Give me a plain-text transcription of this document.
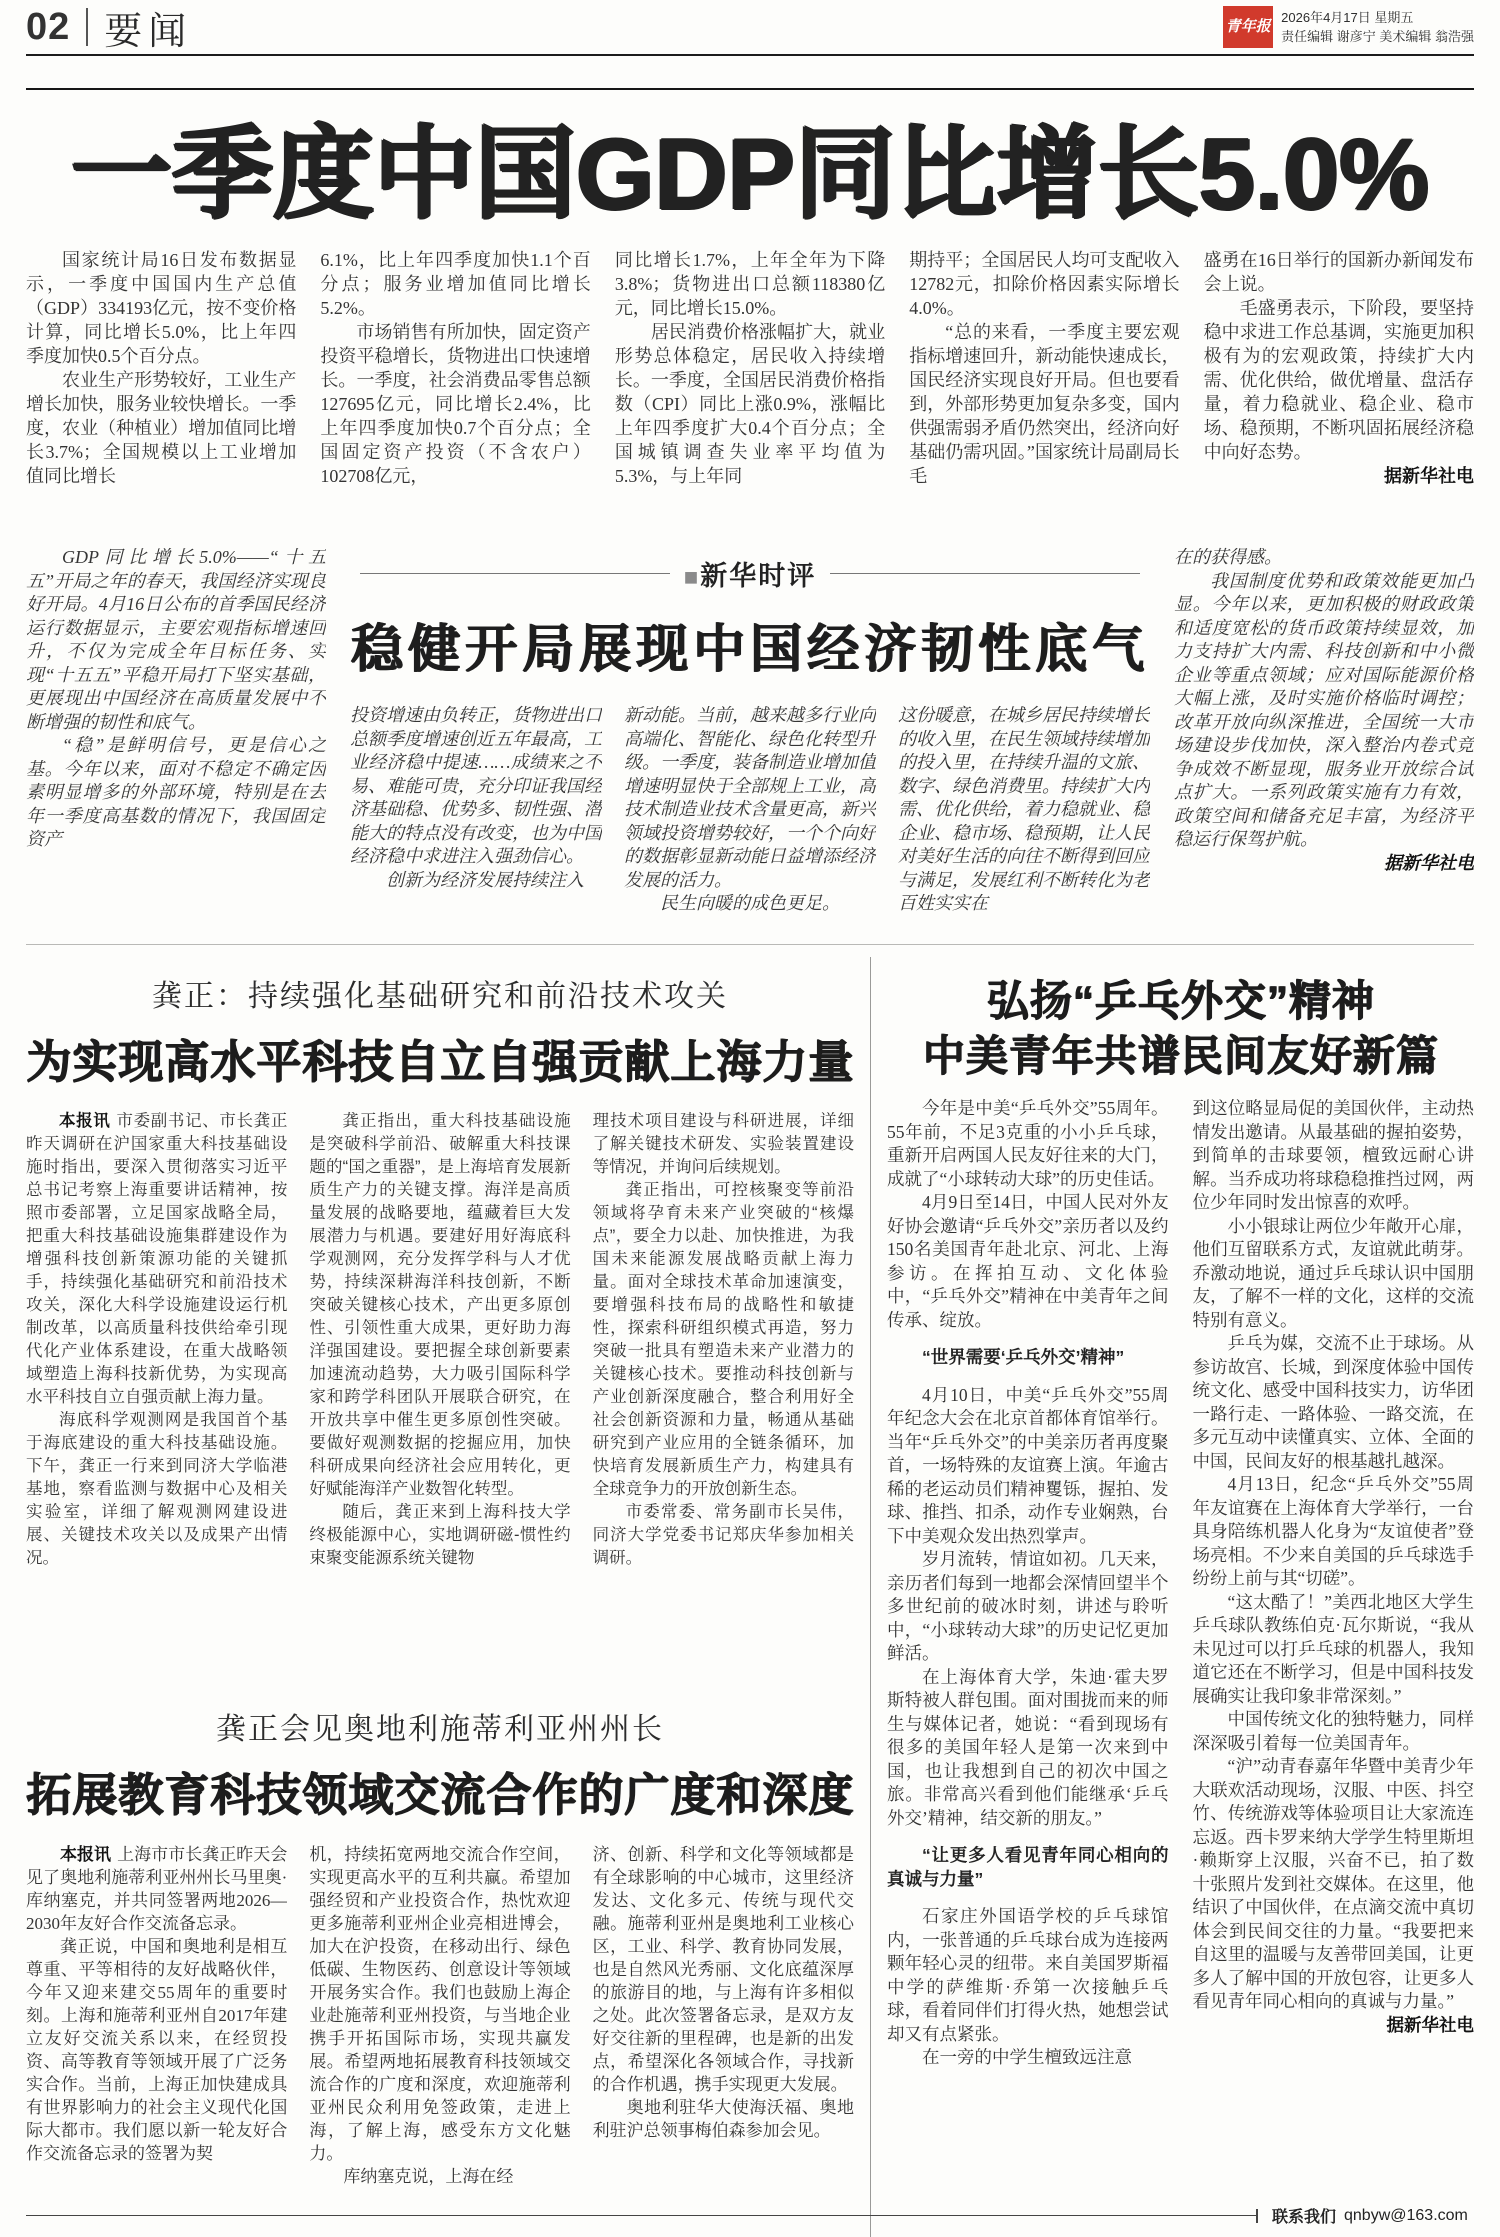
02 要闻	青年报
2026年4月17日 星期五
责任编辑 谢彦宁 美术编辑 翁浩强
一季度中国GDP同比增长5.0%

国家统计局16日发布数据显示，一季度中国国内生产总值（GDP）334193亿元，按不变价格计算，同比增长5.0%，比上年四季度加快0.5个百分点。

农业生产形势较好，工业生产增长加快，服务业较快增长。一季度，农业（种植业）增加值同比增长3.7%；全国规模以上工业增加值同比增长

6.1%，比上年四季度加快1.1个百分点；服务业增加值同比增长5.2%。

市场销售有所加快，固定资产投资平稳增长，货物进出口快速增长。一季度，社会消费品零售总额127695亿元，同比增长2.4%，比上年四季度加快0.7个百分点；全国固定资产投资（不含农户）102708亿元，

同比增长1.7%，上年全年为下降3.8%；货物进出口总额118380亿元，同比增长15.0%。

居民消费价格涨幅扩大，就业形势总体稳定，居民收入持续增长。一季度，全国居民消费价格指数（CPI）同比上涨0.9%，涨幅比上年四季度扩大0.4个百分点；全国城镇调查失业率平均值为5.3%，与上年同

期持平；全国居民人均可支配收入12782元，扣除价格因素实际增长4.0%。

“总的来看，一季度主要宏观指标增速回升，新动能快速成长，国民经济实现良好开局。但也要看到，外部形势更加复杂多变，国内供强需弱矛盾仍然突出，经济向好基础仍需巩固。”国家统计局副局长毛

盛勇在16日举行的国新办新闻发布会上说。

毛盛勇表示，下阶段，要坚持稳中求进工作总基调，实施更加积极有为的宏观政策，持续扩大内需、优化供给，做优增量、盘活存量，着力稳就业、稳企业、稳市场、稳预期，不断巩固拓展经济稳中向好态势。

据新华社电

GDP同比增长5.0%——“十五五”开局之年的春天，我国经济实现良好开局。4月16日公布的首季国民经济运行数据显示，主要宏观指标增速回升，不仅为完成全年目标任务、实现“十五五”平稳开局打下坚实基础，更展现出中国经济在高质量发展中不断增强的韧性和底气。

“稳”是鲜明信号，更是信心之基。今年以来，面对不稳定不确定因素明显增多的外部环境，特别是在去年一季度高基数的情况下，我国固定资产

■新华时评
稳健开局展现中国经济韧性底气

投资增速由负转正，货物进出口总额季度增速创近五年最高，工业经济稳中提速……成绩来之不易、难能可贵，充分印证我国经济基础稳、优势多、韧性强、潜能大的特点没有改变，也为中国经济稳中求进注入强劲信心。

创新为经济发展持续注入

新动能。当前，越来越多行业向高端化、智能化、绿色化转型升级。一季度，装备制造业增加值增速明显快于全部规上工业，高技术制造业技术含量更高，新兴领域投资增势较好，一个个向好的数据彰显新动能日益增添经济发展的活力。

民生向暖的成色更足。

这份暖意，在城乡居民持续增长的收入里，在民生领域持续增加的投入里，在持续升温的文旅、数字、绿色消费里。持续扩大内需、优化供给，着力稳就业、稳企业、稳市场、稳预期，让人民对美好生活的向往不断得到回应与满足，发展红利不断转化为老百姓实实在

在的获得感。

我国制度优势和政策效能更加凸显。今年以来，更加积极的财政政策和适度宽松的货币政策持续显效，加力支持扩大内需、科技创新和中小微企业等重点领域；应对国际能源价格大幅上涨，及时实施价格临时调控；改革开放向纵深推进，全国统一大市场建设步伐加快，深入整治内卷式竞争成效不断显现，服务业开放综合试点扩大。一系列政策实施有力有效，政策空间和储备充足丰富，为经济平稳运行保驾护航。

据新华社电

龚正：持续强化基础研究和前沿技术攻关
为实现高水平科技自立自强贡献上海力量

本报讯 市委副书记、市长龚正昨天调研在沪国家重大科技基础设施时指出，要深入贯彻落实习近平总书记考察上海重要讲话精神，按照市委部署，立足国家战略全局，把重大科技基础设施集群建设作为增强科技创新策源功能的关键抓手，持续强化基础研究和前沿技术攻关，深化大科学设施建设运行机制改革，以高质量科技供给牵引现代化产业体系建设，在重大战略领域塑造上海科技新优势，为实现高水平科技自立自强贡献上海力量。

海底科学观测网是我国首个基于海底建设的重大科技基础设施。下午，龚正一行来到同济大学临港基地，察看监测与数据中心及相关实验室，详细了解观测网建设进展、关键技术攻关以及成果产出情况。

龚正指出，重大科技基础设施是突破科学前沿、破解重大科技课题的“国之重器”，是上海培育发展新质生产力的关键支撑。海洋是高质量发展的战略要地，蕴藏着巨大发展潜力与机遇。要建好用好海底科学观测网，充分发挥学科与人才优势，持续深耕海洋科技创新，不断突破关键核心技术，产出更多原创性、引领性重大成果，更好助力海洋强国建设。要把握全球创新要素加速流动趋势，大力吸引国际科学家和跨学科团队开展联合研究，在开放共享中催生更多原创性突破。要做好观测数据的挖掘应用，加快科研成果向经济社会应用转化，更好赋能海洋产业数智化转型。

随后，龚正来到上海科技大学终极能源中心，实地调研磁-惯性约束聚变能源系统关键物

理技术项目建设与科研进展，详细了解关键技术研发、实验装置建设等情况，并询问后续规划。

龚正指出，可控核聚变等前沿领域将孕育未来产业突破的“核爆点”，要全力以赴、加快推进，为我国未来能源发展战略贡献上海力量。面对全球技术革命加速演变，要增强科技布局的战略性和敏捷性，探索科研组织模式再造，努力突破一批具有塑造未来产业潜力的关键核心技术。要推动科技创新与产业创新深度融合，整合利用好全社会创新资源和力量，畅通从基础研究到产业应用的全链条循环，加快培育发展新质生产力，构建具有全球竞争力的开放创新生态。

市委常委、常务副市长吴伟，同济大学党委书记郑庆华参加相关调研。

龚正会见奥地利施蒂利亚州州长
拓展教育科技领域交流合作的广度和深度

本报讯 上海市市长龚正昨天会见了奥地利施蒂利亚州州长马里奥·库纳塞克，并共同签署两地2026—2030年友好合作交流备忘录。

龚正说，中国和奥地利是相互尊重、平等相待的友好战略伙伴，今年又迎来建交55周年的重要时刻。上海和施蒂利亚州自2017年建立友好交流关系以来，在经贸投资、高等教育等领域开展了广泛务实合作。当前，上海正加快建成具有世界影响力的社会主义现代化国际大都市。我们愿以新一轮友好合作交流备忘录的签署为契

机，持续拓宽两地交流合作空间，实现更高水平的互利共赢。希望加强经贸和产业投资合作，热忱欢迎更多施蒂利亚州企业亮相进博会，加大在沪投资，在移动出行、绿色低碳、生物医药、创意设计等领域开展务实合作。我们也鼓励上海企业赴施蒂利亚州投资，与当地企业携手开拓国际市场，实现共赢发展。希望两地拓展教育科技领域交流合作的广度和深度，欢迎施蒂利亚州民众利用免签政策，走进上海，了解上海，感受东方文化魅力。

库纳塞克说，上海在经

济、创新、科学和文化等领域都是有全球影响的中心城市，这里经济发达、文化多元、传统与现代交融。施蒂利亚州是奥地利工业核心区，工业、科学、教育协同发展，也是自然风光秀丽、文化底蕴深厚的旅游目的地，与上海有许多相似之处。此次签署备忘录，是双方友好交往新的里程碑，也是新的出发点，希望深化各领域合作，寻找新的合作机遇，携手实现更大发展。

奥地利驻华大使海沃福、奥地利驻沪总领事梅伯森参加会见。

弘扬“乒乓外交”精神
中美青年共谱民间友好新篇

今年是中美“乒乓外交”55周年。55年前，不足3克重的小小乒乓球，重新开启两国人民友好往来的大门，成就了“小球转动大球”的历史佳话。

4月9日至14日，中国人民对外友好协会邀请“乒乓外交”亲历者以及约150名美国青年赴北京、河北、上海参访。在挥拍互动、文化体验中，“乒乓外交”精神在中美青年之间传承、绽放。

“世界需要‘乒乓外交’精神”

4月10日，中美“乒乓外交”55周年纪念大会在北京首都体育馆举行。当年“乒乓外交”的中美亲历者再度聚首，一场特殊的友谊赛上演。年逾古稀的老运动员们精神矍铄，握拍、发球、推挡、扣杀，动作专业娴熟，台下中美观众发出热烈掌声。

岁月流转，情谊如初。几天来，亲历者们每到一地都会深情回望半个多世纪前的破冰时刻，讲述与聆听中，“小球转动大球”的历史记忆更加鲜活。

在上海体育大学，朱迪·霍夫罗斯特被人群包围。面对围拢而来的师生与媒体记者，她说：“看到现场有很多的美国年轻人是第一次来到中国，也让我想到自己的初次中国之旅。非常高兴看到他们能继承‘乒乓外交’精神，结交新的朋友。”

“让更多人看见青年同心相向的真诚与力量”

石家庄外国语学校的乒乓球馆内，一张普通的乒乓球台成为连接两颗年轻心灵的纽带。来自美国罗斯福中学的萨维斯·乔第一次接触乒乓球，看着同伴们打得火热，她想尝试却又有点紧张。

在一旁的中学生檀致远注意

到这位略显局促的美国伙伴，主动热情发出邀请。从最基础的握拍姿势，到简单的击球要领，檀致远耐心讲解。当乔成功将球稳稳推挡过网，两位少年同时发出惊喜的欢呼。

小小银球让两位少年敞开心扉，他们互留联系方式，友谊就此萌芽。乔激动地说，通过乒乓球认识中国朋友，了解不一样的文化，这样的交流特别有意义。

乒乓为媒，交流不止于球场。从参访故宫、长城，到深度体验中国传统文化、感受中国科技实力，访华团一路行走、一路体验、一路交流，在多元互动中读懂真实、立体、全面的中国，民间友好的根基越扎越深。

4月13日，纪念“乒乓外交”55周年友谊赛在上海体育大学举行，一台具身陪练机器人化身为“友谊使者”登场亮相。不少来自美国的乒乓球选手纷纷上前与其“切磋”。

“这太酷了！”美西北地区大学生乒乓球队教练伯克·瓦尔斯说，“我从未见过可以打乒乓球的机器人，我知道它还在不断学习，但是中国科技发展确实让我印象非常深刻。”

中国传统文化的独特魅力，同样深深吸引着每一位美国青年。

“沪”动青春嘉年华暨中美青少年大联欢活动现场，汉服、中医、抖空竹、传统游戏等体验项目让大家流连忘返。西卡罗来纳大学学生特里斯坦·赖斯穿上汉服，兴奋不已，拍了数十张照片发到社交媒体。在这里，他结识了中国伙伴，在点滴交流中真切体会到民间交往的力量。“我要把来自这里的温暖与友善带回美国，让更多人了解中国的开放包容，让更多人看见青年同心相向的真诚与力量。”

据新华社电

联系我们 qnbyw@163.com
